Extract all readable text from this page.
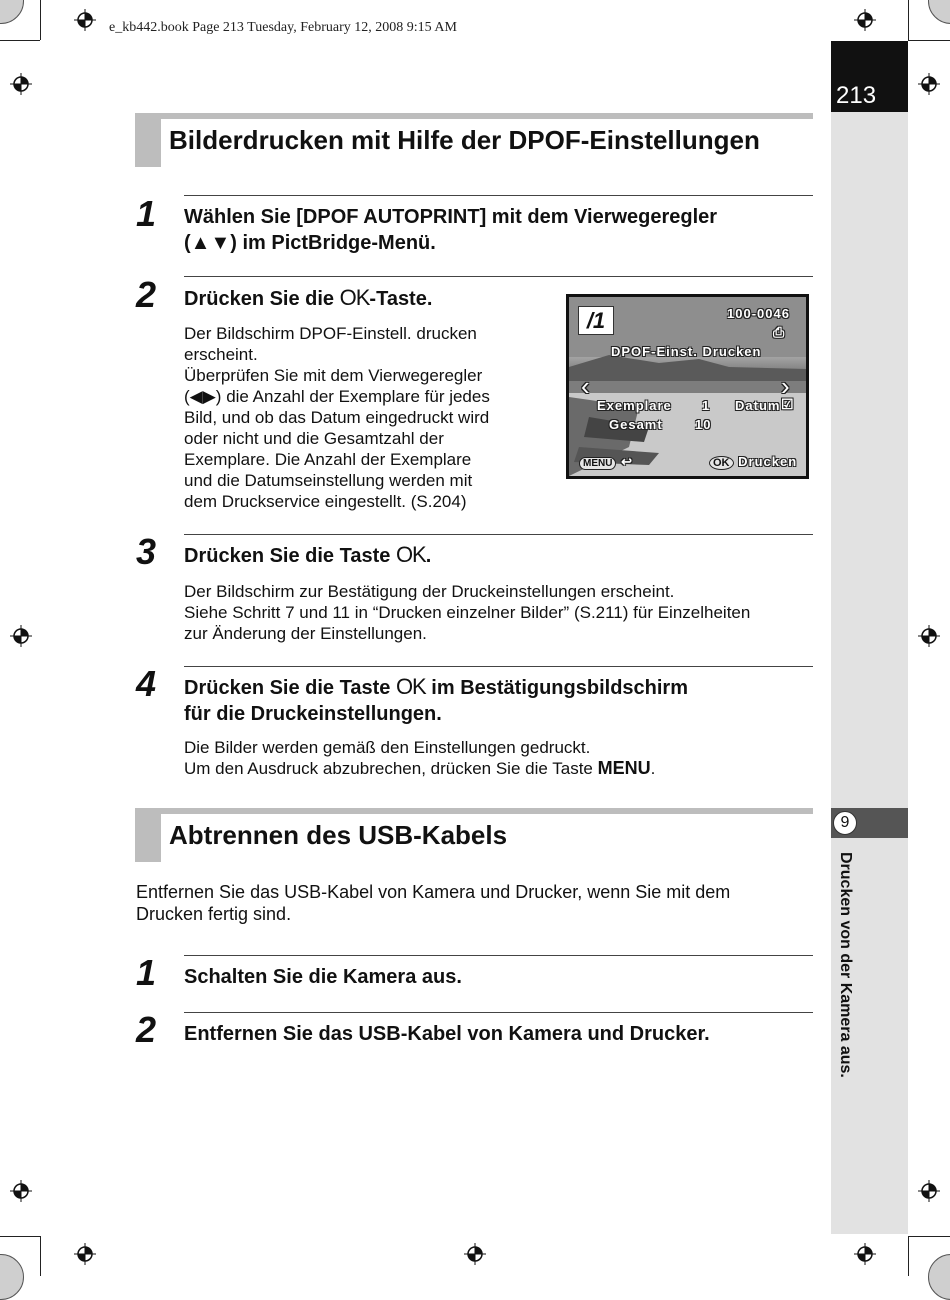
e_kb442.book Page 213 Tuesday, February 12, 2008 9:15 AM
213
9
Drucken von der Kamera aus.
Bilderdrucken mit Hilfe der DPOF-Einstellungen
1 Wählen Sie [DPOF AUTOPRINT] mit dem Vierwegeregler
(▲▼) im PictBridge-Menü.
2 Drücken Sie die OK-Taste.
Der Bildschirm DPOF-Einstell. drucken
erscheint.
Überprüfen Sie mit dem Vierwegeregler
(◀▶) die Anzahl der Exemplare für jedes
Bild, und ob das Datum eingedruckt wird
oder nicht und die Gesamtzahl der
Exemplare. Die Anzahl der Exemplare
und die Datumseinstellung werden mit
dem Druckservice eingestellt. (S.204)
/1	100-0046
⎙
DPOF-Einst. Drucken
‹	›
Exemplare 1 Datum ☑
Gesamt 10
MENU ↩	OK Drucken
3 Drücken Sie die Taste OK.
Der Bildschirm zur Bestätigung der Druckeinstellungen erscheint.
Siehe Schritt 7 und 11 in “Drucken einzelner Bilder” (S.211) für Einzelheiten
zur Änderung der Einstellungen.
4 Drücken Sie die Taste OK im Bestätigungsbildschirm
für die Druckeinstellungen.
Die Bilder werden gemäß den Einstellungen gedruckt.
Um den Ausdruck abzubrechen, drücken Sie die Taste MENU.
Abtrennen des USB-Kabels
Entfernen Sie das USB-Kabel von Kamera und Drucker, wenn Sie mit dem
Drucken fertig sind.
1 Schalten Sie die Kamera aus.
2 Entfernen Sie das USB-Kabel von Kamera und Drucker.
